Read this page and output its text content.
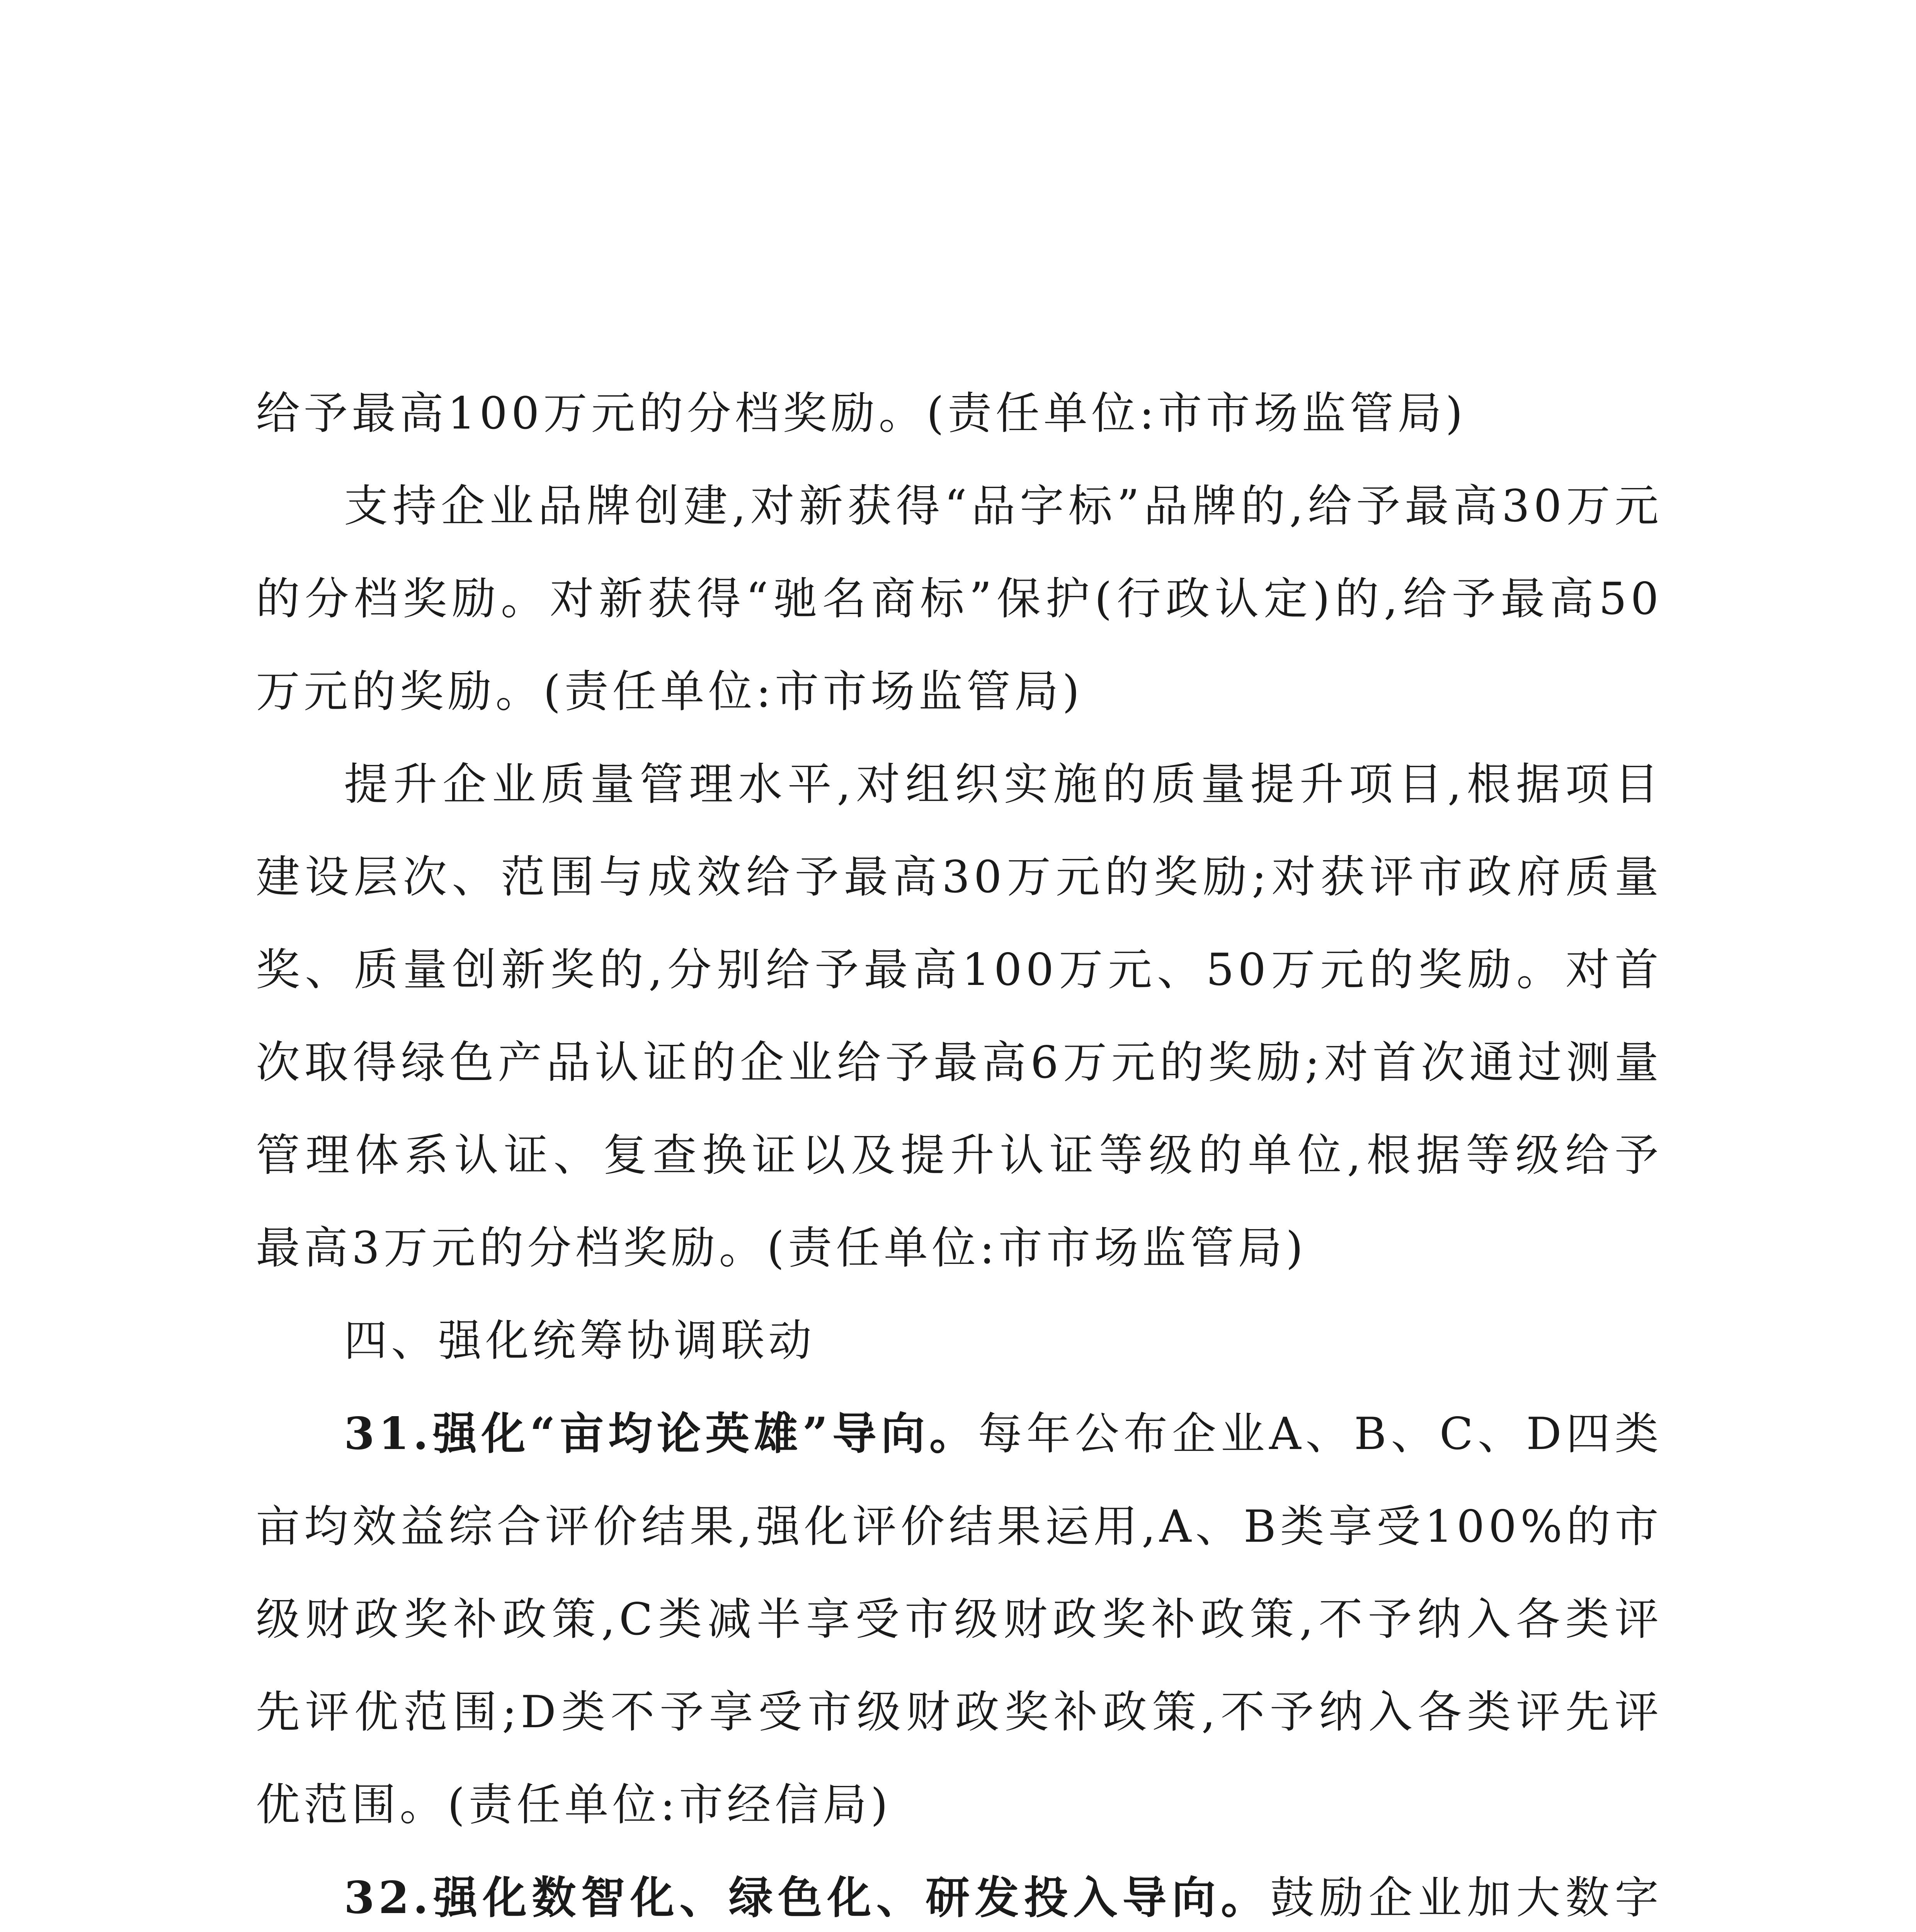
给予最高100万元的分档奖励。(责任单位:市市场监管局)

支持企业品牌创建,对新获得“品字标”品牌的,给予最高30万元的分档奖励。对新获得“驰名商标”保护(行政认定)的,给予最高50万元的奖励。(责任单位:市市场监管局)

提升企业质量管理水平,对组织实施的质量提升项目,根据项目建设层次、范围与成效给予最高30万元的奖励;对获评市政府质量奖、质量创新奖的,分别给予最高100万元、50万元的奖励。对首次取得绿色产品认证的企业给予最高6万元的奖励;对首次通过测量管理体系认证、复查换证以及提升认证等级的单位,根据等级给予最高3万元的分档奖励。(责任单位:市市场监管局)

四、强化统筹协调联动

31.强化“亩均论英雄”导向。每年公布企业A、B、C、D四类亩均效益综合评价结果,强化评价结果运用,A、B类享受100%的市级财政奖补政策,C类减半享受市级财政奖补政策,不予纳入各类评先评优范围;D类不予享受市级财政奖补政策,不予纳入各类评先评优范围。(责任单位:市经信局)

32.强化数智化、绿色化、研发投入导向。鼓励企业加大数字
